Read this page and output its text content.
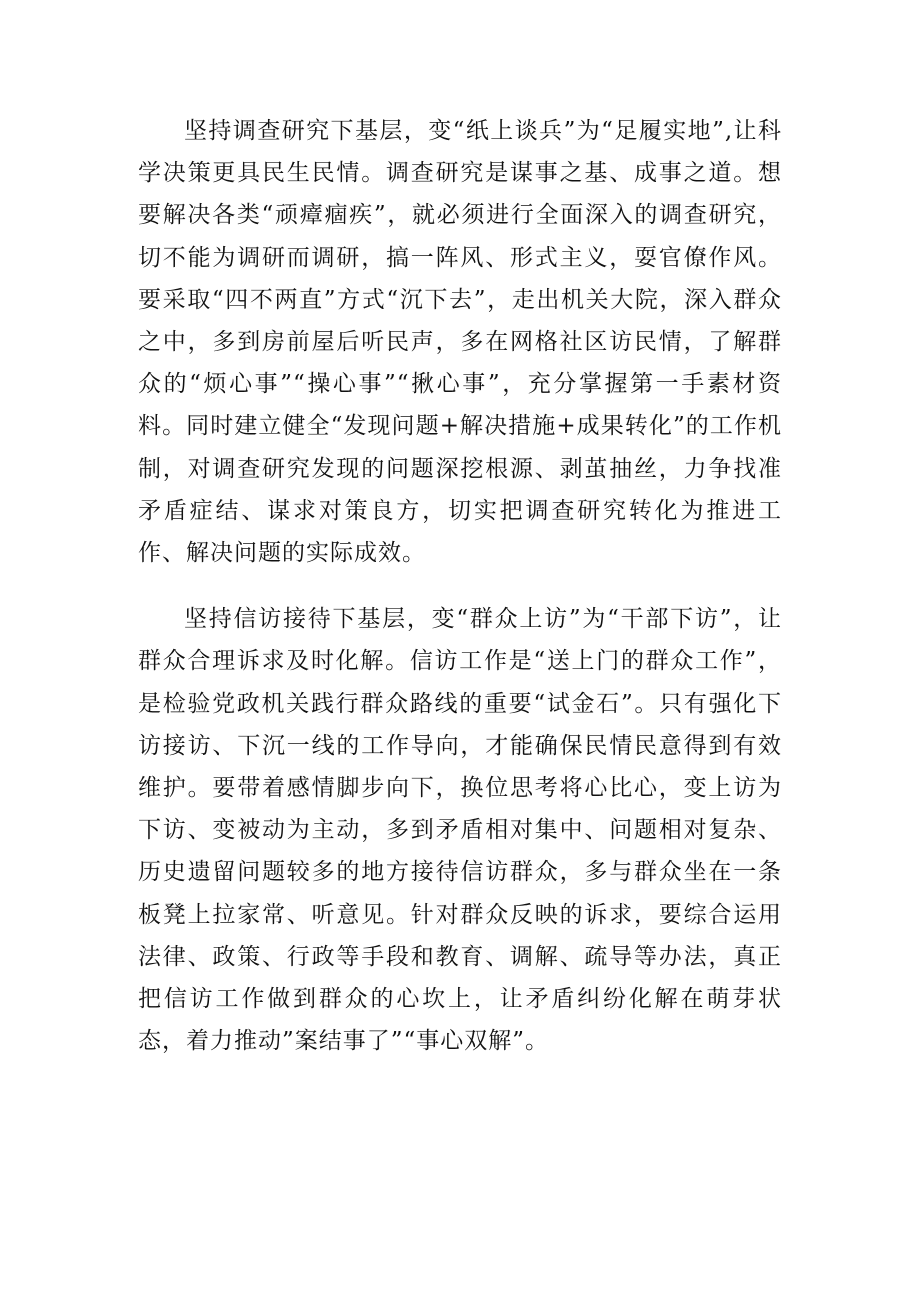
坚持调查研究下基层，变“纸上谈兵”为“足履实地”,让科学决策更具民生民情。调查研究是谋事之基、成事之道。想要解决各类“顽瘴痼疾”，就必须进行全面深入的调查研究，切不能为调研而调研，搞一阵风、形式主义，耍官僚作风。要采取“四不两直”方式“沉下去”，走出机关大院，深入群众之中，多到房前屋后听民声，多在网格社区访民情，了解群众的“烦心事”“操心事”“揪心事”，充分掌握第一手素材资料。同时建立健全“发现问题+解决措施+成果转化”的工作机制，对调查研究发现的问题深挖根源、剥茧抽丝，力争找准矛盾症结、谋求对策良方，切实把调查研究转化为推进工作、解决问题的实际成效。

坚持信访接待下基层，变“群众上访”为“干部下访”，让群众合理诉求及时化解。信访工作是“送上门的群众工作”，是检验党政机关践行群众路线的重要“试金石”。只有强化下访接访、下沉一线的工作导向，才能确保民情民意得到有效维护。要带着感情脚步向下，换位思考将心比心，变上访为下访、变被动为主动，多到矛盾相对集中、问题相对复杂、历史遗留问题较多的地方接待信访群众，多与群众坐在一条板凳上拉家常、听意见。针对群众反映的诉求，要综合运用法律、政策、行政等手段和教育、调解、疏导等办法，真正把信访工作做到群众的心坎上，让矛盾纠纷化解在萌芽状态，着力推动”案结事了”“事心双解”。
